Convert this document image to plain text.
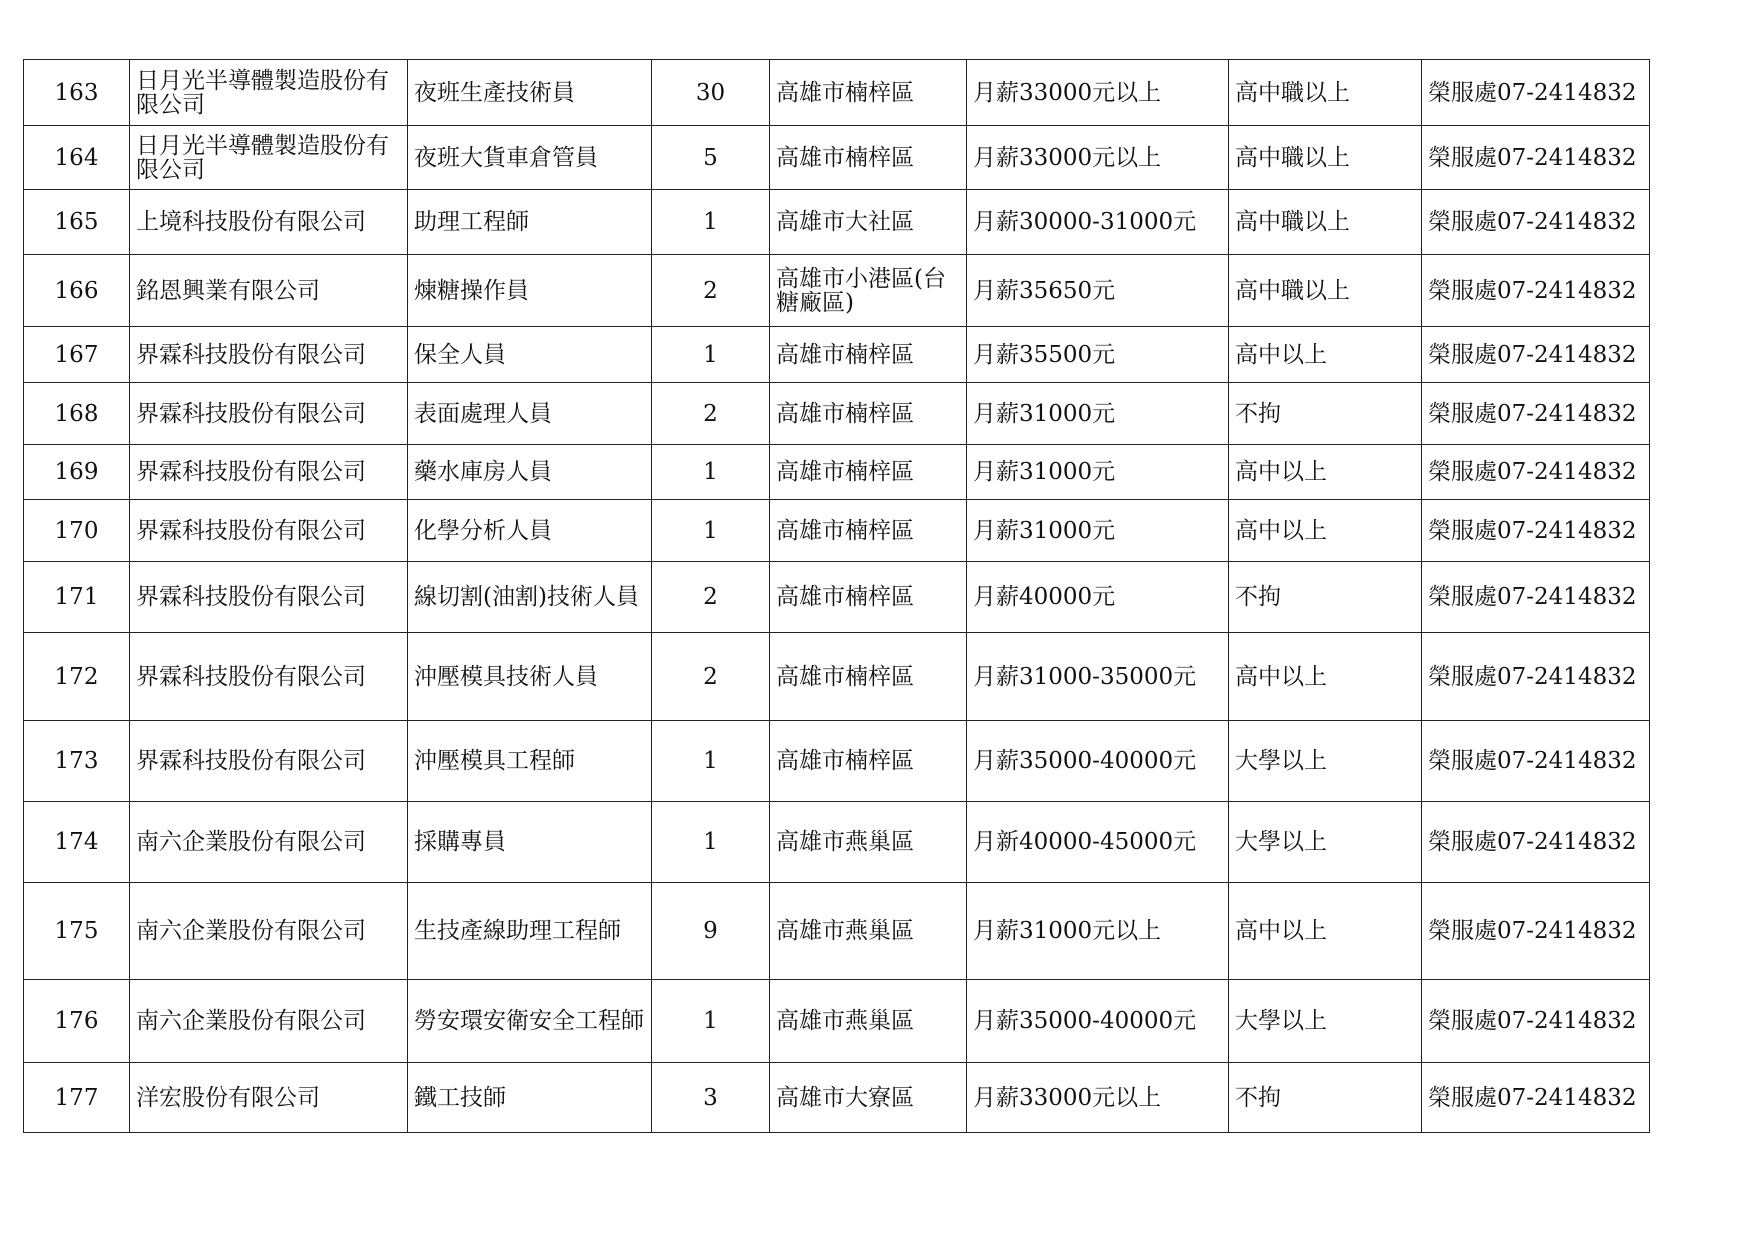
163	日月光半導體製造股份有限公司	夜班生產技術員	30	高雄市楠梓區	月薪33000元以上	高中職以上	榮服處07-2414832
164	日月光半導體製造股份有限公司	夜班大貨車倉管員	5	高雄市楠梓區	月薪33000元以上	高中職以上	榮服處07-2414832
165	上境科技股份有限公司	助理工程師	1	高雄市大社區	月薪30000-31000元	高中職以上	榮服處07-2414832
166	銘恩興業有限公司	煉糖操作員	2	高雄市小港區(台糖廠區)	月薪35650元	高中職以上	榮服處07-2414832
167	界霖科技股份有限公司	保全人員	1	高雄市楠梓區	月薪35500元	高中以上	榮服處07-2414832
168	界霖科技股份有限公司	表面處理人員	2	高雄市楠梓區	月薪31000元	不拘	榮服處07-2414832
169	界霖科技股份有限公司	藥水庫房人員	1	高雄市楠梓區	月薪31000元	高中以上	榮服處07-2414832
170	界霖科技股份有限公司	化學分析人員	1	高雄市楠梓區	月薪31000元	高中以上	榮服處07-2414832
171	界霖科技股份有限公司	線切割(油割)技術人員	2	高雄市楠梓區	月薪40000元	不拘	榮服處07-2414832
172	界霖科技股份有限公司	沖壓模具技術人員	2	高雄市楠梓區	月薪31000-35000元	高中以上	榮服處07-2414832
173	界霖科技股份有限公司	沖壓模具工程師	1	高雄市楠梓區	月薪35000-40000元	大學以上	榮服處07-2414832
174	南六企業股份有限公司	採購專員	1	高雄市燕巢區	月新40000-45000元	大學以上	榮服處07-2414832
175	南六企業股份有限公司	生技產線助理工程師	9	高雄市燕巢區	月薪31000元以上	高中以上	榮服處07-2414832
176	南六企業股份有限公司	勞安環安衛安全工程師	1	高雄市燕巢區	月薪35000-40000元	大學以上	榮服處07-2414832
177	洋宏股份有限公司	鐵工技師	3	高雄市大寮區	月薪33000元以上	不拘	榮服處07-2414832
